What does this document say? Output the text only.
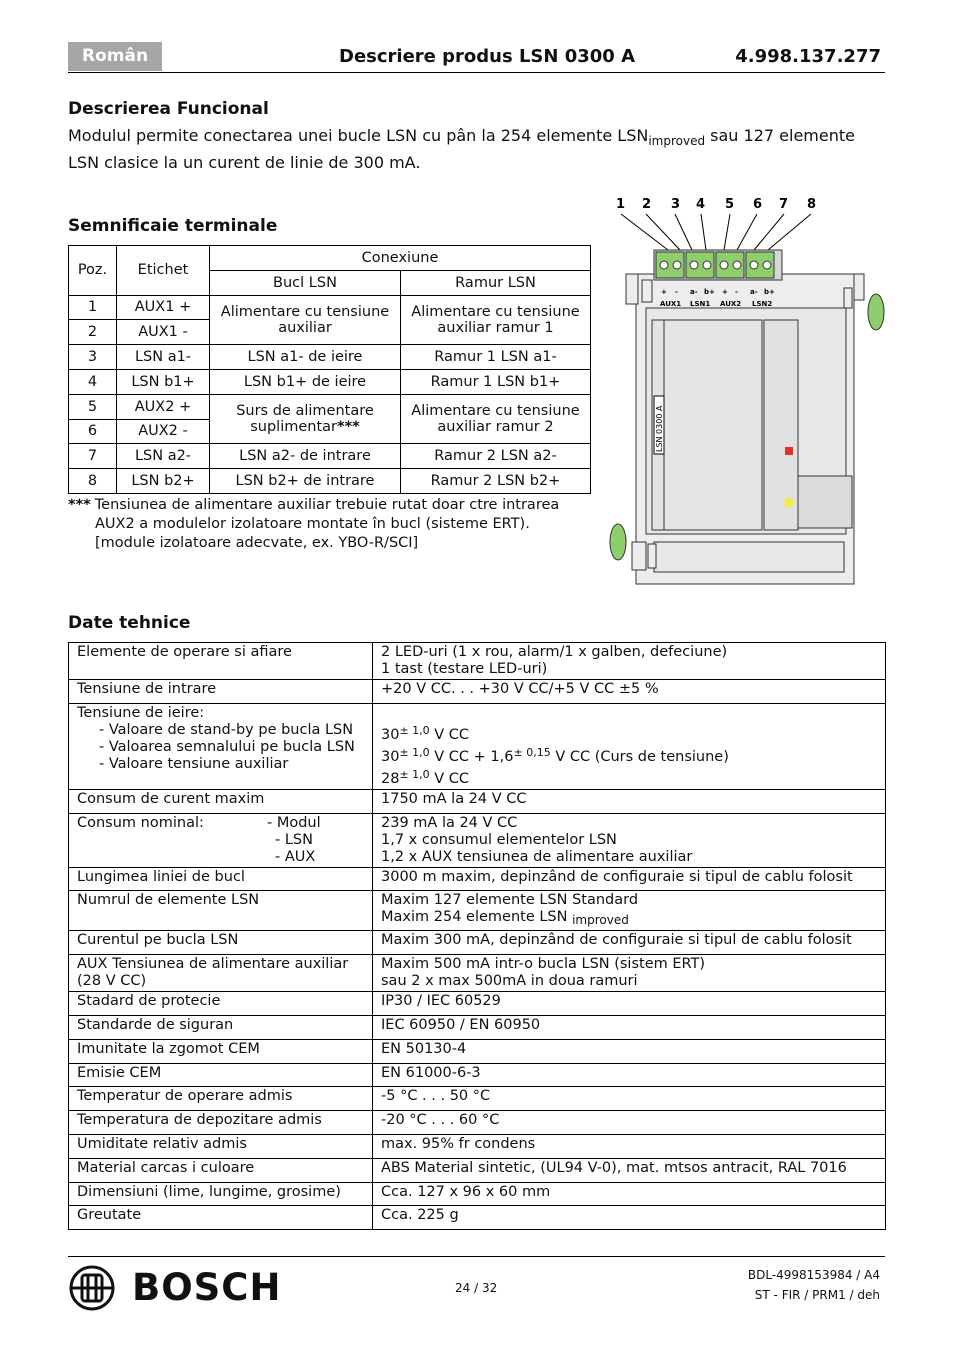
Român	Descriere produs LSN 0300 A	4.998.137.277
Descrierea Funcional
Modulul permite conectarea unei bucle LSN cu pân la 254 elemente $LSN_{improved}$ sau 127 elemente
LSN clasice la un curent de linie de 300 mA.
Semnificaie terminale
Poz.	Etichet	Conexiune	
		Bucl LSN	Ramur LSN
1	AUX1 +	Alimentare cu tensiune auxiliar	Alimentare cu tensiune auxiliar ramur 1
2	AUX1 -		
3	LSN a1-	LSN a1- de ieire	Ramur 1 LSN a1-
4	LSN b1+	LSN b1+ de ieire	Ramur 1 LSN b1+
5	AUX2 +	Surs de alimentare suplimentar***	Alimentare cu tensiune auxiliar ramur 2
6	AUX2 -		
7	LSN a2-	LSN a2- de intrare	Ramur 2 LSN a2-
8	LSN b2+	LSN b2+ de intrare	Ramur 2 LSN b2+
*** Tensiunea de alimentare auxiliar trebuie rutat doar ctre intrarea
AUX2 a modulelor izolatoare montate în bucl (sisteme ERT).
[module izolatoare adecvate, ex. YBO-R/SCI]
1 2 3 4 5 6 7 8
LSN 0300 A
+ - a- b+ + - a- b+
AUX1 LSN1 AUX2 LSN2
Date tehnice
Elemente de operare si afiare	2 LED-uri (1 x rou, alarm/1 x galben, defeciune)
1 tast (testare LED-uri)
Tensiune de intrare	+20 V CC. . . +30 V CC/+5 V CC ±5 %
Tensiune de ieire:
- Valoare de stand-by pe bucla LSN
- Valoarea semnalului pe bucla LSN
- Valoare tensiune auxiliar	$30^{\pm 1,0}$ V CC
$30^{\pm 1,0}$ V CC + $1,6^{\pm 0,15}$ V CC (Curs de tensiune)
$28^{\pm 1,0}$ V CC
Consum de curent maxim	1750 mA la 24 V CC
Consum nominal: - Modul

- LSN
- AUX	239 mA la 24 V CC
1,7 x consumul elementelor LSN
1,2 x AUX tensiunea de alimentare auxiliar
Lungimea liniei de bucl	3000 m maxim, depinzând de configuraie si tipul de cablu folosit
Numrul de elemente LSN	Maxim 127 elemente LSN Standard
Maxim 254 elemente LSN $_{improved}$
Curentul pe bucla LSN	Maxim 300 mA, depinzând de configuraie si tipul de cablu folosit
AUX Tensiunea de alimentare auxiliar
(28 V CC)	Maxim 500 mA intr-o bucla LSN (sistem ERT)
sau 2 x max 500mA in doua ramuri
Stadard de protecie	IP30 / IEC 60529
Standarde de siguran	IEC 60950 / EN 60950
Imunitate la zgomot CEM	EN 50130-4
Emisie CEM	EN 61000-6-3
Temperatur de operare admis	-5 °C . . . 50 °C
Temperatura de depozitare admis	-20 °C . . . 60 °C
Umiditate relativ admis	max. 95% fr condens
Material carcas i culoare	ABS Material sintetic, (UL94 V-0), mat. mtsos antracit, RAL 7016
Dimensiuni (lime, lungime, grosime)	Cca. 127 x 96 x 60 mm
Greutate	Cca. 225 g
BOSCH	24 / 32
BDL-4998153984 / A4
ST - FIR / PRM1 / deh
